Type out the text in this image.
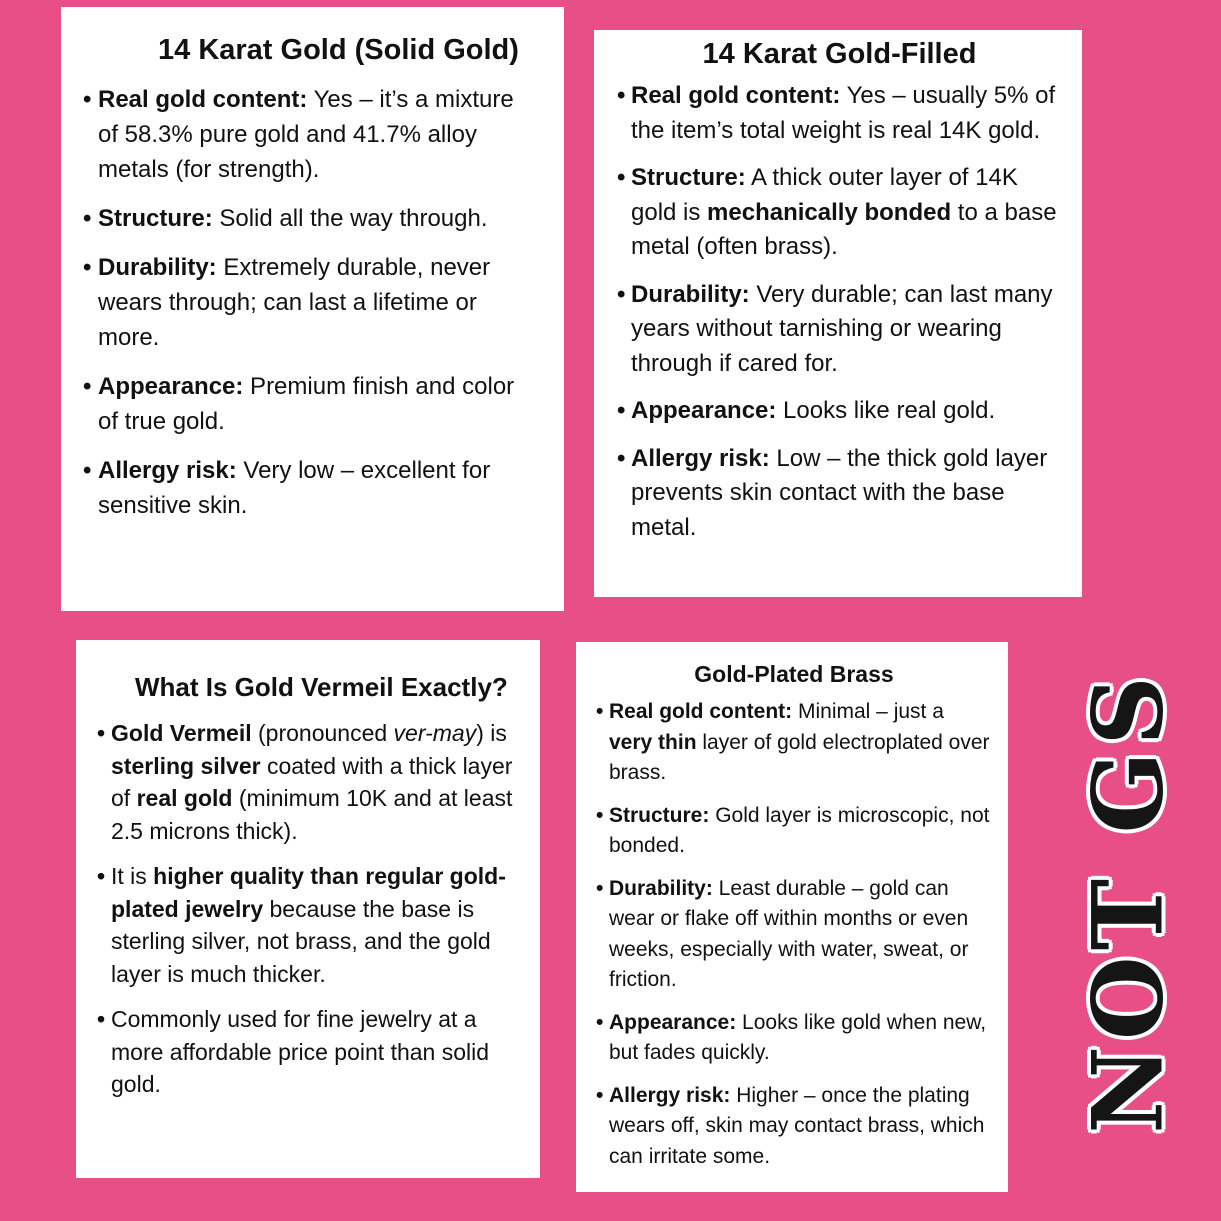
14 Karat Gold (Solid Gold)
• Real gold content: Yes – it’s a mixture of 58.3% pure gold and 41.7% alloy metals (for strength).
• Structure: Solid all the way through.
• Durability: Extremely durable, never wears through; can last a lifetime or more.
• Appearance: Premium finish and color of true gold.
• Allergy risk: Very low – excellent for sensitive skin.
14 Karat Gold-Filled
• Real gold content: Yes – usually 5% of the item’s total weight is real 14K gold.
• Structure: A thick outer layer of 14K gold is mechanically bonded to a base metal (often brass).
• Durability: Very durable; can last many years without tarnishing or wearing through if cared for.
• Appearance: Looks like real gold.
• Allergy risk: Low – the thick gold layer prevents skin contact with the base metal.
What Is Gold Vermeil Exactly?
• Gold Vermeil (pronounced ver-may) is sterling silver coated with a thick layer of real gold (minimum 10K and at least 2.5 microns thick).
• It is higher quality than regular gold-plated jewelry because the base is sterling silver, not brass, and the gold layer is much thicker.
• Commonly used for fine jewelry at a more affordable price point than solid gold.
Gold-Plated Brass
• Real gold content: Minimal – just a very thin layer of gold electroplated over brass.
• Structure: Gold layer is microscopic, not bonded.
• Durability: Least durable – gold can wear or flake off within months or even weeks, especially with water, sweat, or friction.
• Appearance: Looks like gold when new, but fades quickly.
• Allergy risk: Higher – once the plating wears off, skin may contact brass, which can irritate some.
NOT GS
